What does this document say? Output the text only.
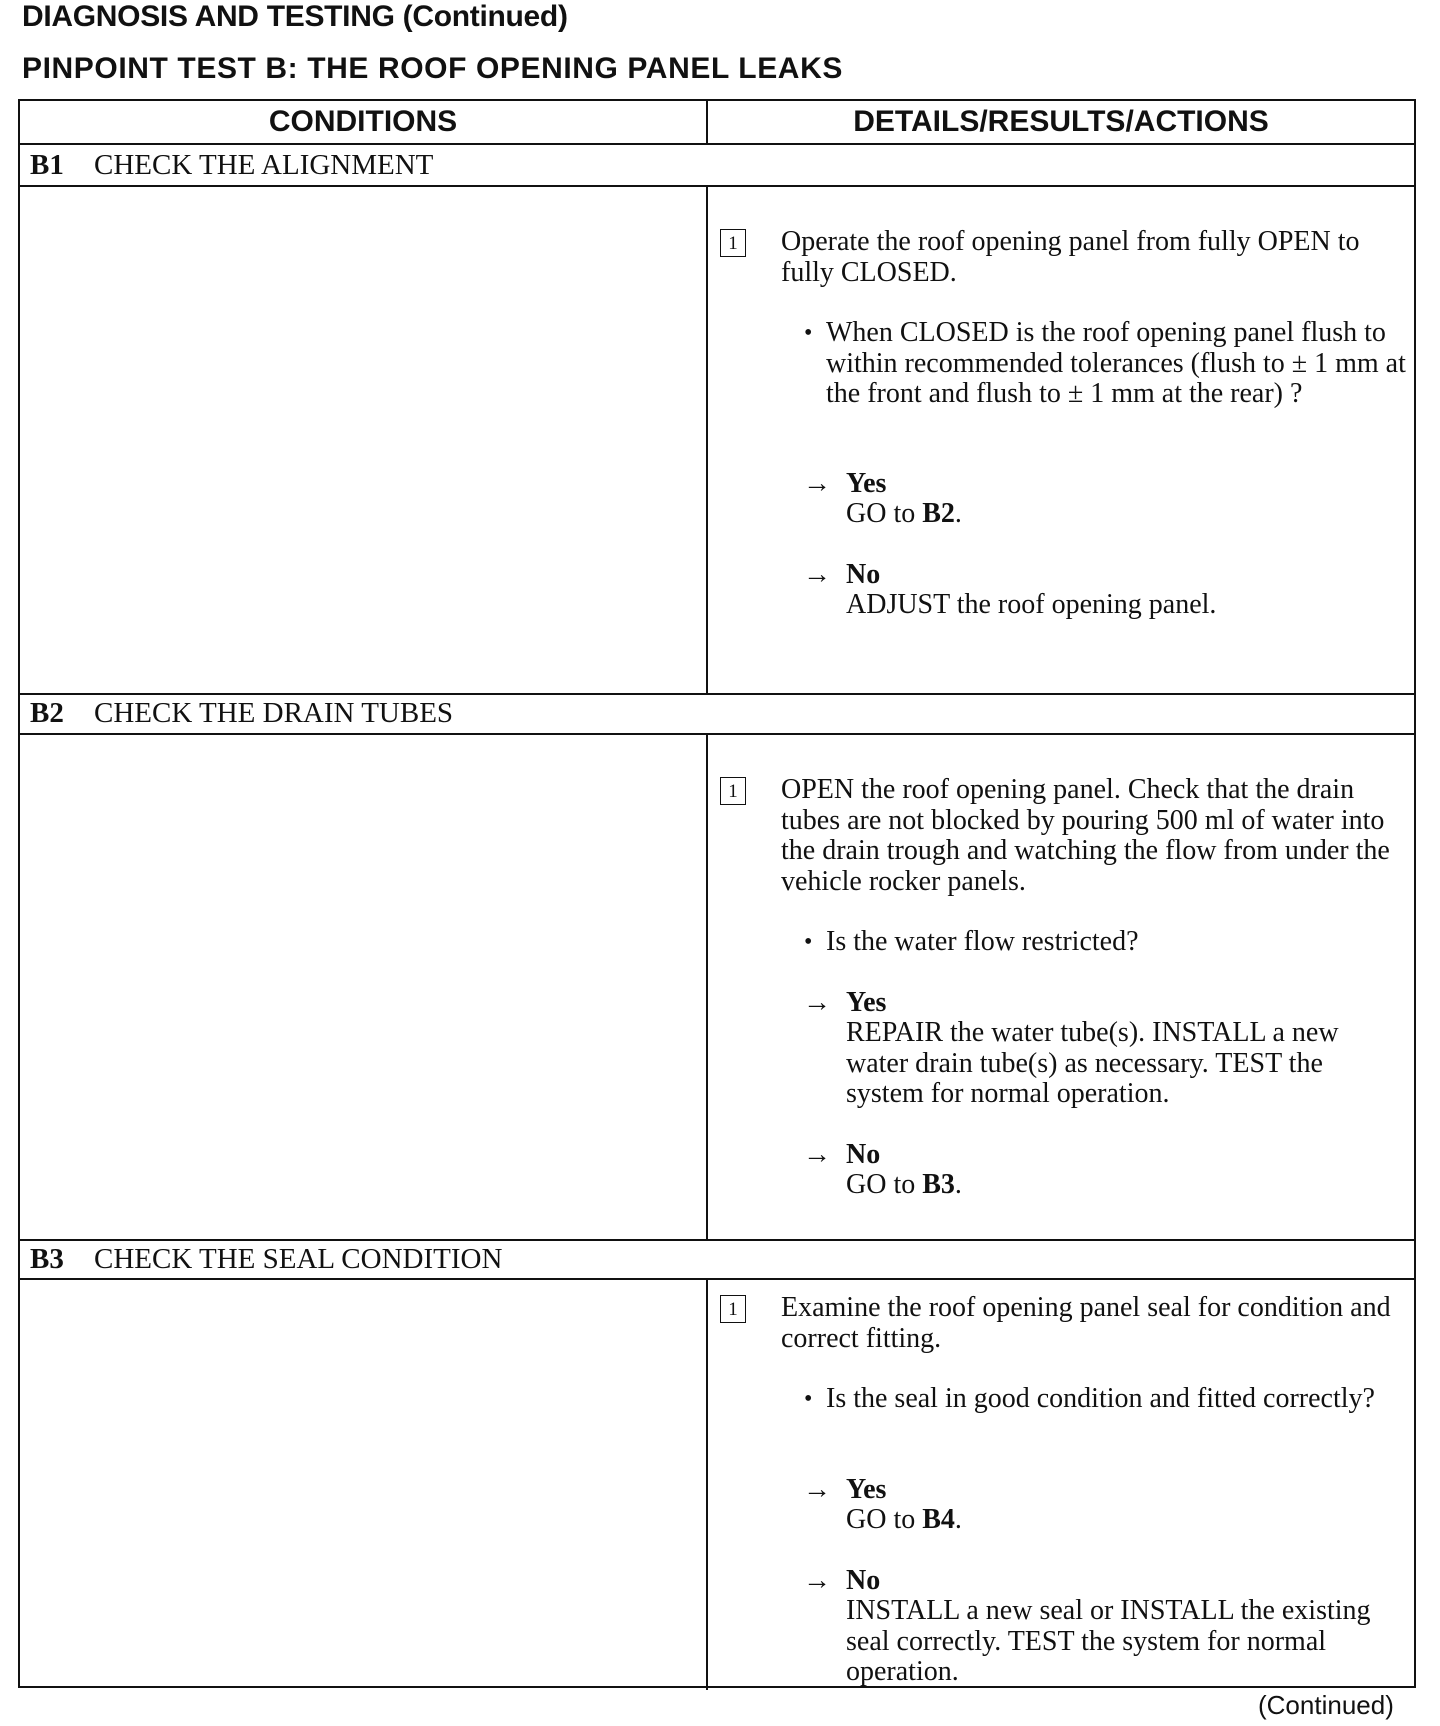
DIAGNOSIS AND TESTING (Continued)
PINPOINT TEST B: THE ROOF OPENING PANEL LEAKS
CONDITIONS	DETAILS/RESULTS/ACTIONS
B1 CHECK THE ALIGNMENT
1 Operate the roof opening panel from fully OPEN to fully CLOSED.
• When CLOSED is the roof opening panel flush to within recommended tolerances (flush to ± 1 mm at the front and flush to ± 1 mm at the rear) ?
→ Yes
GO to B2.
→ No
ADJUST the roof opening panel.
B2 CHECK THE DRAIN TUBES
1 OPEN the roof opening panel. Check that the drain tubes are not blocked by pouring 500 ml of water into the drain trough and watching the flow from under the vehicle rocker panels.
• Is the water flow restricted?
→ Yes
REPAIR the water tube(s). INSTALL a new water drain tube(s) as necessary. TEST the system for normal operation.
→ No
GO to B3.
B3 CHECK THE SEAL CONDITION
1 Examine the roof opening panel seal for condition and correct fitting.
• Is the seal in good condition and fitted correctly?
→ Yes
GO to B4.
→ No
INSTALL a new seal or INSTALL the existing seal correctly. TEST the system for normal operation.
(Continued)
